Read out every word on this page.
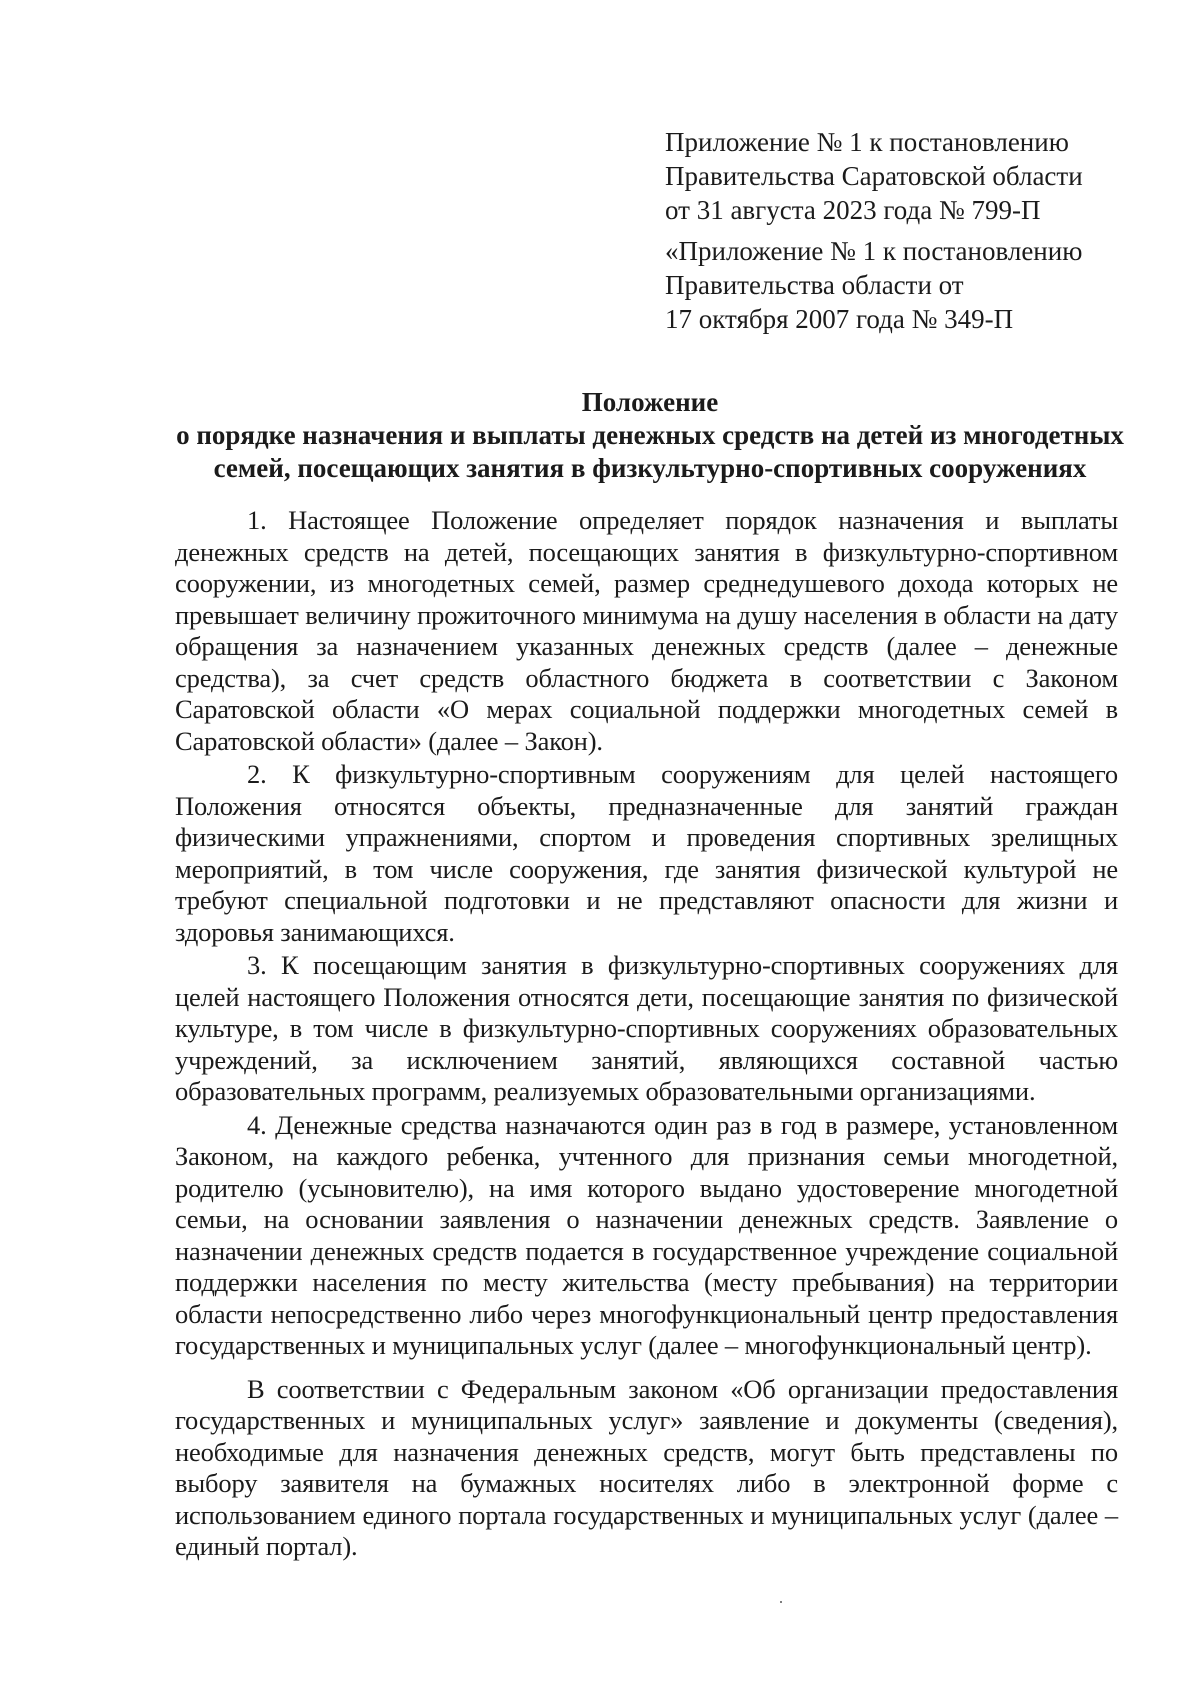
Приложение № 1 к постановлению

Правительства Саратовской области

от 31 августа 2023 года № 799-П

«Приложение № 1 к постановлению

Правительства области от

17 октября 2007 года № 349-П

Положение
о порядке назначения и выплаты денежных средств на детей из многодетных
семей, посещающих занятия в физкультурно-спортивных сооружениях

1. Настоящее Положение определяет порядок назначения и выплаты денежных средств на детей, посещающих занятия в физкультурно-спортивном сооружении, из многодетных семей, размер среднедушевого дохода которых не превышает величину прожиточного минимума на душу населения в области на дату обращения за назначением указанных денежных средств (далее – денежные средства), за счет средств областного бюджета в соответствии с Законом Саратовской области «О мерах социальной поддержки многодетных семей в Саратовской области» (далее – Закон).

2. К физкультурно-спортивным сооружениям для целей настоящего Положения относятся объекты, предназначенные для занятий граждан физическими упражнениями, спортом и проведения спортивных зрелищных мероприятий, в том числе сооружения, где занятия физической культурой не требуют специальной подготовки и не представляют опасности для жизни и здоровья занимающихся.

3. К посещающим занятия в физкультурно-спортивных сооружениях для целей настоящего Положения относятся дети, посещающие занятия по физической культуре, в том числе в физкультурно-спортивных сооружениях образовательных учреждений, за исключением занятий, являющихся составной частью образовательных программ, реализуемых образовательными организациями.

4. Денежные средства назначаются один раз в год в размере, установленном Законом, на каждого ребенка, учтенного для признания семьи многодетной, родителю (усыновителю), на имя которого выдано удостоверение многодетной семьи, на основании заявления о назначении денежных средств. Заявление о назначении денежных средств подается в государственное учреждение социальной поддержки населения по месту жительства (месту пребывания) на территории области непосредственно либо через многофункциональный центр предоставления государственных и муниципальных услуг (далее – многофункциональный центр).

В соответствии с Федеральным законом «Об организации предоставления государственных и муниципальных услуг» заявление и документы (сведения), необходимые для назначения денежных средств, могут быть представлены по выбору заявителя на бумажных носителях либо в электронной форме с использованием единого портала государственных и муниципальных услуг (далее – единый портал).
